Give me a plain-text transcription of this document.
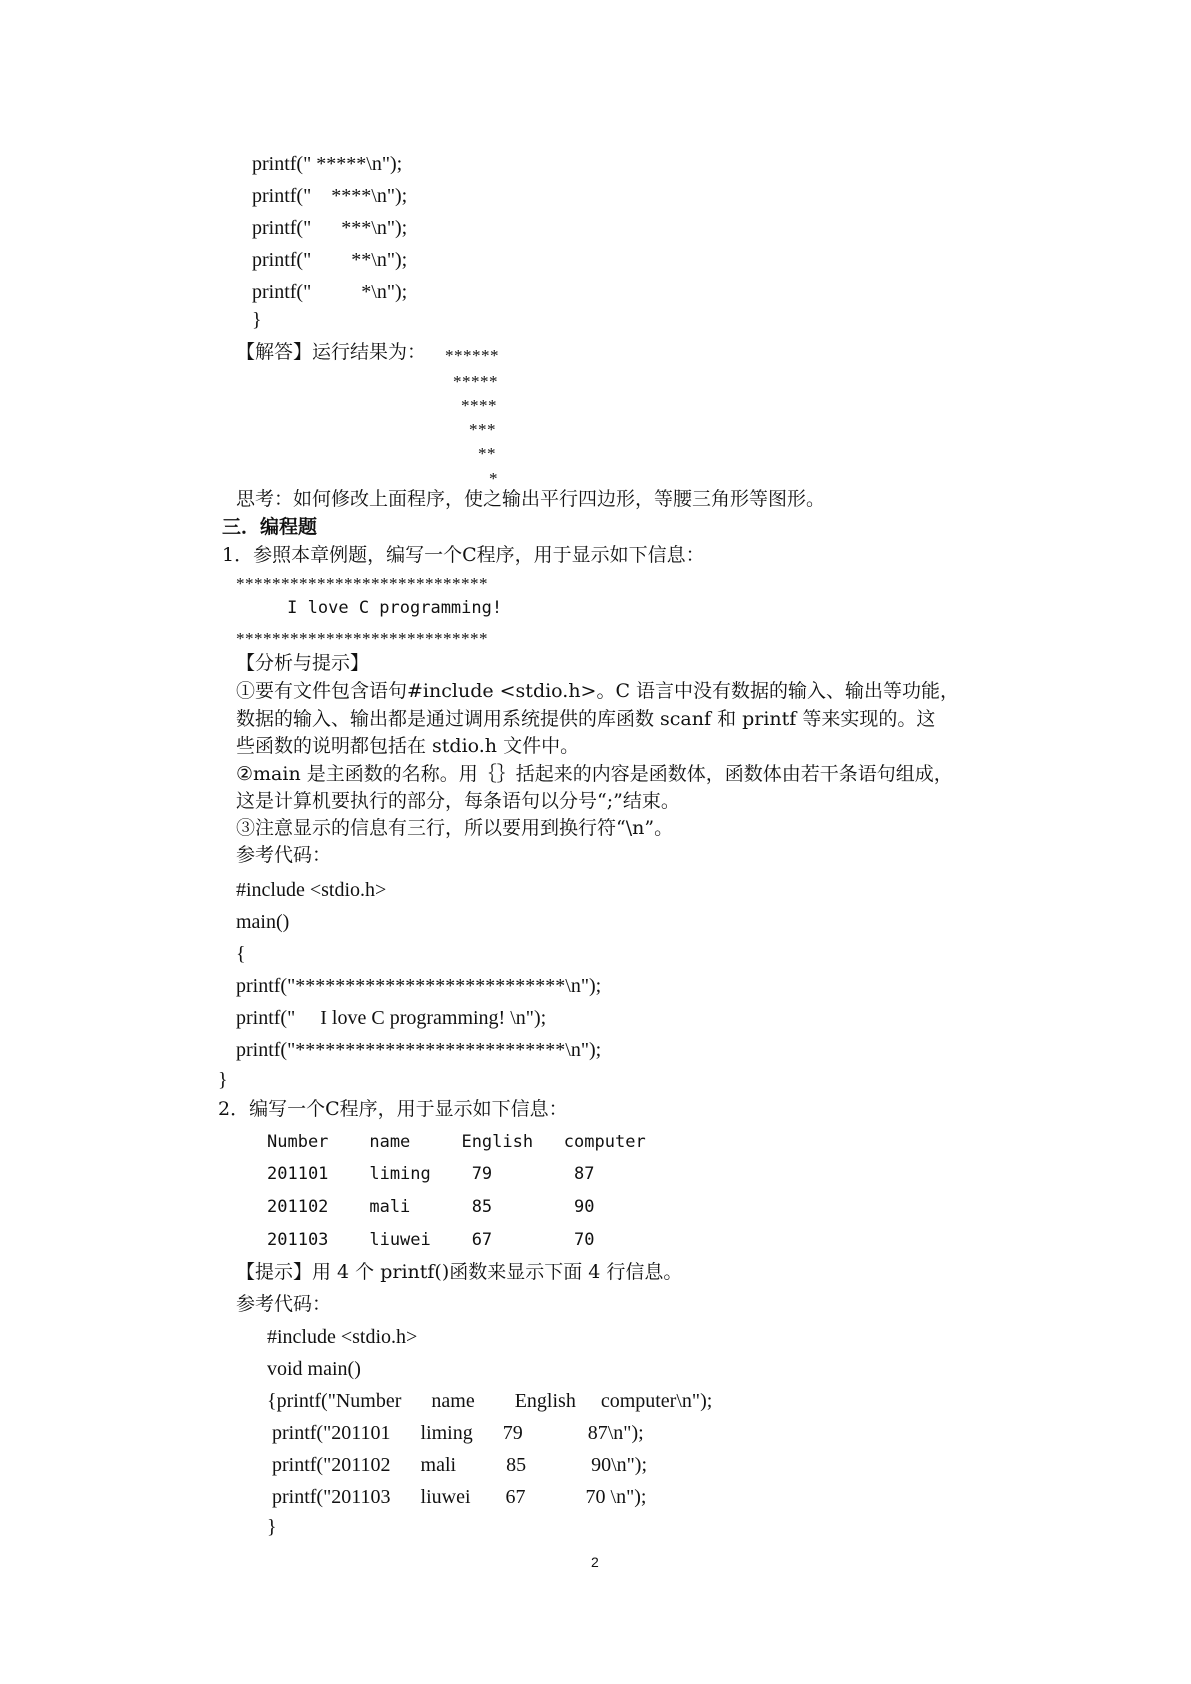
printf(" *****\n");
printf("    ****\n");
printf("      ***\n");
printf("        **\n");
printf("          *\n");
}
【解答】运行结果为： ******
*****
****
***
**
*
思考：如何修改上面程序，使之输出平行四边形，等腰三角形等图形。
三．编程题
1．参照本章例题，编写一个C程序，用于显示如下信息：
****************************
I love C programming!
****************************
【分析与提示】
①要有文件包含语句#include <stdio.h>。C 语言中没有数据的输入、输出等功能，
数据的输入、输出都是通过调用系统提供的库函数 scanf 和 printf 等来实现的。这
些函数的说明都包括在 stdio.h 文件中。
②main 是主函数的名称。用｛｝括起来的内容是函数体，函数体由若干条语句组成，
这是计算机要执行的部分，每条语句以分号“;”结束。
③注意显示的信息有三行，所以要用到换行符“\n”。
参考代码：
#include <stdio.h>
main()
{
printf("***************************\n");
printf("     I love C programming! \n");
printf("***************************\n");
}
2．编写一个C程序，用于显示如下信息：
Number    name     English   computer
201101    liming    79        87
201102    mali      85        90
201103    liuwei    67        70
【提示】用 4 个 printf()函数来显示下面 4 行信息。
参考代码：
#include <stdio.h>
void main()
{printf("Number      name        English     computer\n");
printf("201101      liming      79             87\n");
printf("201102      mali          85             90\n");
printf("201103      liuwei       67            70 \n");
}
2
